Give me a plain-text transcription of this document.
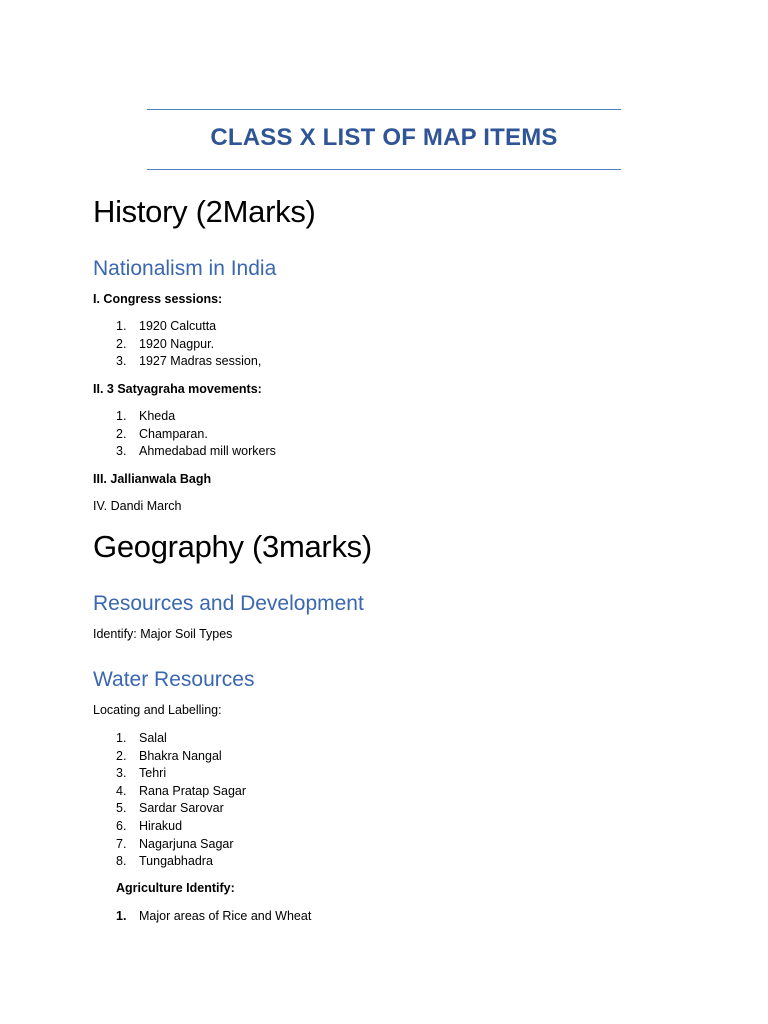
CLASS X LIST OF MAP ITEMS
History (2Marks)
Nationalism in India
I. Congress sessions:
1. 1920 Calcutta
2. 1920 Nagpur.
3. 1927 Madras session,
II. 3 Satyagraha movements:
1. Kheda
2. Champaran.
3. Ahmedabad mill workers
III. Jallianwala Bagh
IV. Dandi March
Geography (3marks)
Resources and Development
Identify: Major Soil Types
Water Resources
Locating and Labelling:
1. Salal
2. Bhakra Nangal
3. Tehri
4. Rana Pratap Sagar
5. Sardar Sarovar
6. Hirakud
7. Nagarjuna Sagar
8. Tungabhadra
Agriculture Identify:
1. Major areas of Rice and Wheat
